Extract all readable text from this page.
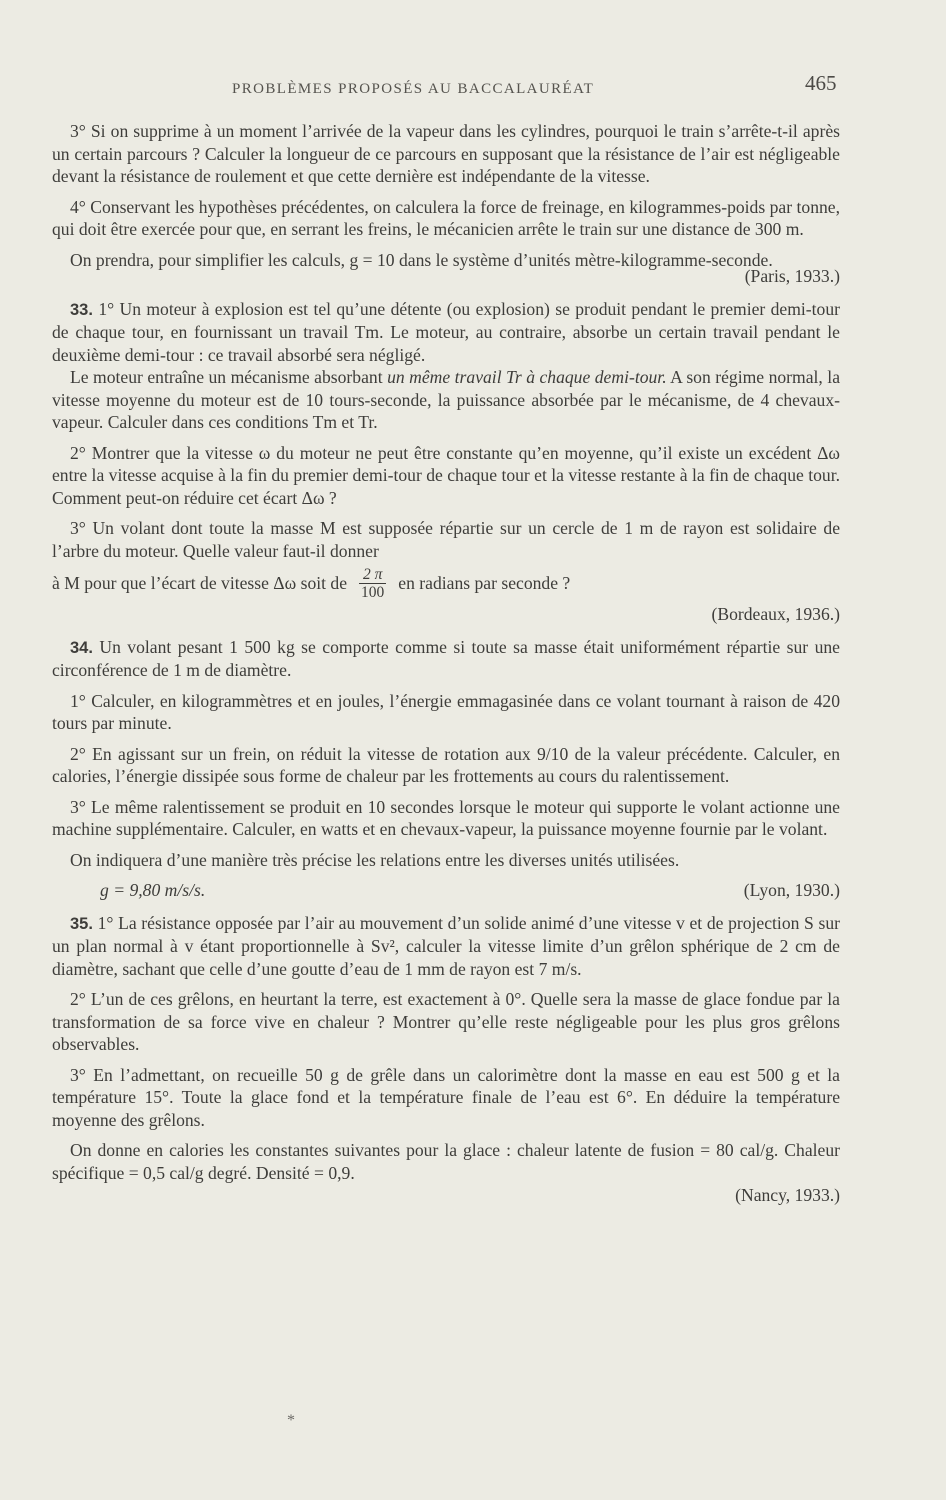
PROBLÈMES PROPOSÉS AU BACCALAURÉAT	465

3° Si on supprime à un moment l’arrivée de la vapeur dans les cylindres, pourquoi le train s’arrête-t-il après un certain parcours ? Calculer la longueur de ce parcours en supposant que la résistance de l’air est négligeable devant la résistance de roulement et que cette dernière est indépendante de la vitesse.

4° Conservant les hypothèses précédentes, on calculera la force de freinage, en kilogrammes-poids par tonne, qui doit être exercée pour que, en serrant les freins, le mécanicien arrête le train sur une distance de 300 m.

On prendra, pour simplifier les calculs, g = 10 dans le système d’unités mètre-kilogramme-seconde.

(Paris, 1933.)

33. 1° Un moteur à explosion est tel qu’une détente (ou explosion) se produit pendant le premier demi-tour de chaque tour, en fournissant un travail Tm. Le moteur, au contraire, absorbe un certain travail pendant le deuxième demi-tour : ce travail absorbé sera négligé.

Le moteur entraîne un mécanisme absorbant un même travail Tr à chaque demi-tour. A son régime normal, la vitesse moyenne du moteur est de 10 tours-seconde, la puissance absorbée par le mécanisme, de 4 chevaux-vapeur. Calculer dans ces conditions Tm et Tr.

2° Montrer que la vitesse ω du moteur ne peut être constante qu’en moyenne, qu’il existe un excédent Δω entre la vitesse acquise à la fin du premier demi-tour de chaque tour et la vitesse restante à la fin de chaque tour. Comment peut-on réduire cet écart Δω ?

3° Un volant dont toute la masse M est supposée répartie sur un cercle de 1 m de rayon est solidaire de l’arbre du moteur. Quelle valeur faut-il donner

à M pour que l’écart de vitesse Δω soit de $\frac{2 \pi}{100}$ en radians par seconde ?

(Bordeaux, 1936.)

34. Un volant pesant 1 500 kg se comporte comme si toute sa masse était uniformément répartie sur une circonférence de 1 m de diamètre.

1° Calculer, en kilogrammètres et en joules, l’énergie emmagasinée dans ce volant tournant à raison de 420 tours par minute.

2° En agissant sur un frein, on réduit la vitesse de rotation aux 9/10 de la valeur précédente. Calculer, en calories, l’énergie dissipée sous forme de chaleur par les frottements au cours du ralentissement.

3° Le même ralentissement se produit en 10 secondes lorsque le moteur qui supporte le volant actionne une machine supplémentaire. Calculer, en watts et en chevaux-vapeur, la puissance moyenne fournie par le volant.

On indiquera d’une manière très précise les relations entre les diverses unités utilisées.

g = 9,80 m/s/s.	(Lyon, 1930.)

35. 1° La résistance opposée par l’air au mouvement d’un solide animé d’une vitesse v et de projection S sur un plan normal à v étant proportionnelle à Sv², calculer la vitesse limite d’un grêlon sphérique de 2 cm de diamètre, sachant que celle d’une goutte d’eau de 1 mm de rayon est 7 m/s.

2° L’un de ces grêlons, en heurtant la terre, est exactement à 0°. Quelle sera la masse de glace fondue par la transformation de sa force vive en chaleur ? Montrer qu’elle reste négligeable pour les plus gros grêlons observables.

3° En l’admettant, on recueille 50 g de grêle dans un calorimètre dont la masse en eau est 500 g et la température 15°. Toute la glace fond et la température finale de l’eau est 6°. En déduire la température moyenne des grêlons.

On donne en calories les constantes suivantes pour la glace : chaleur latente de fusion = 80 cal/g. Chaleur spécifique = 0,5 cal/g degré. Densité = 0,9.

(Nancy, 1933.)

*
